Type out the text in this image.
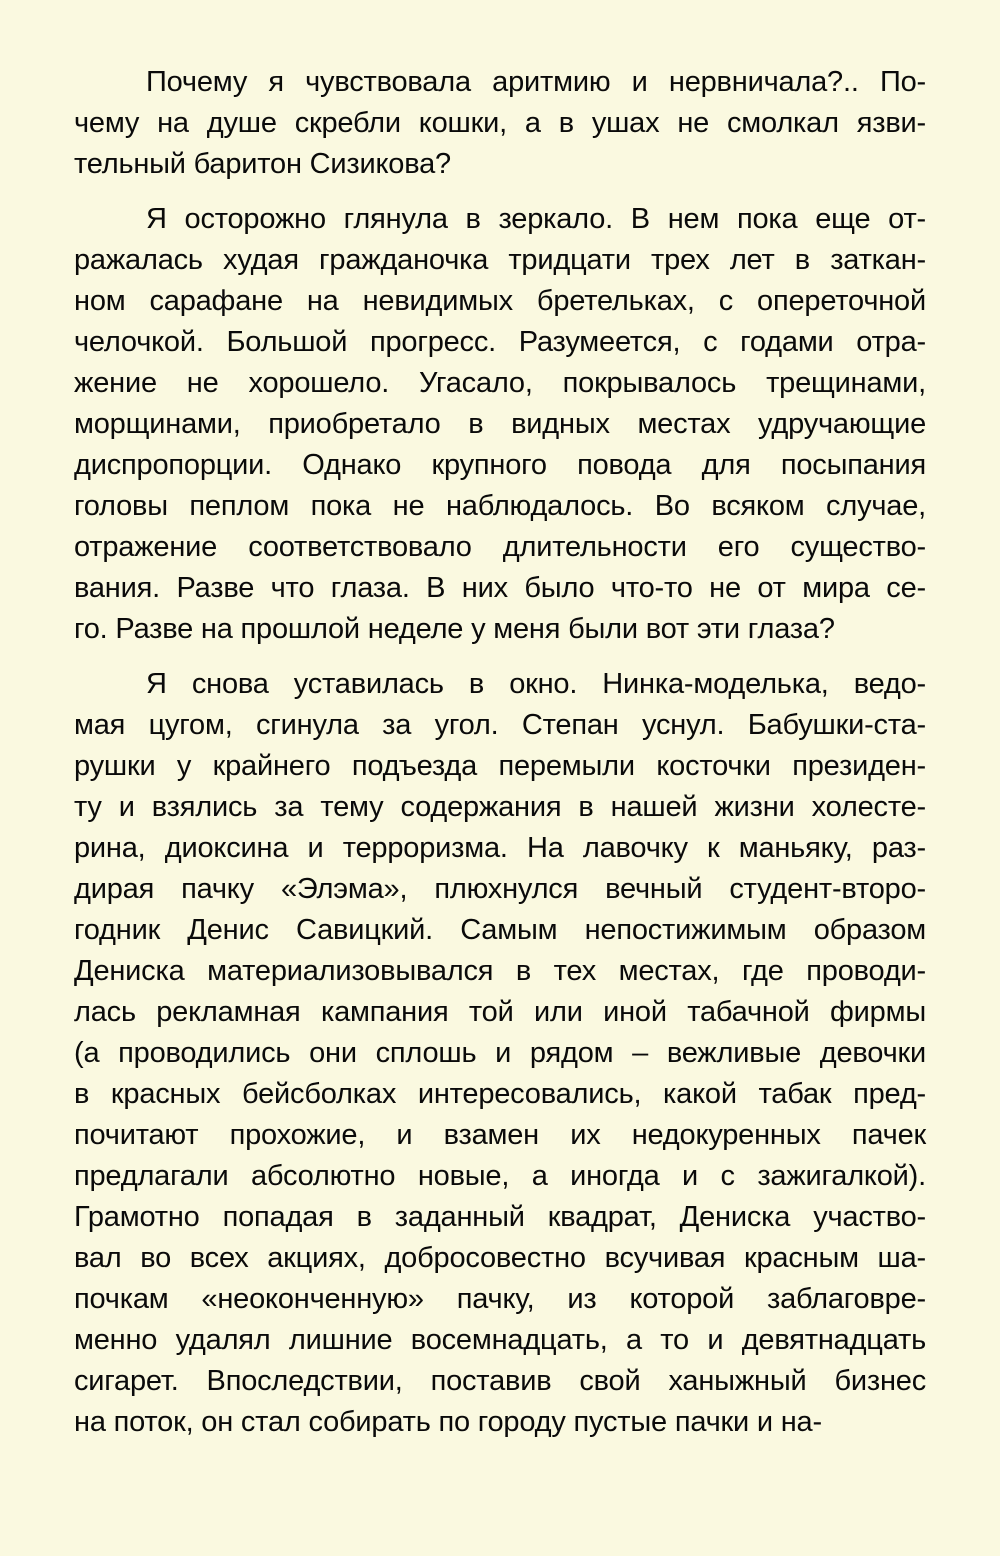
Почему я чувствовала аритмию и нервничала?.. По-
чему на душе скребли кошки, а в ушах не смолкал язви-
тельный баритон Сизикова?
Я осторожно глянула в зеркало. В нем пока еще от-
ражалась худая гражданочка тридцати трех лет в заткан-
ном сарафане на невидимых бретельках, с опереточной
челочкой. Большой прогресс. Разумеется, с годами отра-
жение не хорошело. Угасало, покрывалось трещинами,
морщинами, приобретало в видных местах удручающие
диспропорции. Однако крупного повода для посыпания
головы пеплом пока не наблюдалось. Во всяком случае,
отражение соответствовало длительности его существо-
вания. Разве что глаза. В них было что-то не от мира се-
го. Разве на прошлой неделе у меня были вот эти глаза?
Я снова уставилась в окно. Нинка-моделька, ведо-
мая цугом, сгинула за угол. Степан уснул. Бабушки-ста-
рушки у крайнего подъезда перемыли косточки президен-
ту и взялись за тему содержания в нашей жизни холесте-
рина, диоксина и терроризма. На лавочку к маньяку, раз-
дирая пачку «Элэма», плюхнулся вечный студент-второ-
годник Денис Савицкий. Самым непостижимым образом
Дениска материализовывался в тех местах, где проводи-
лась рекламная кампания той или иной табачной фирмы
(а проводились они сплошь и рядом – вежливые девочки
в красных бейсболках интересовались, какой табак пред-
почитают прохожие, и взамен их недокуренных пачек
предлагали абсолютно новые, а иногда и с зажигалкой).
Грамотно попадая в заданный квадрат, Дениска участво-
вал во всех акциях, добросовестно всучивая красным ша-
почкам «неоконченную» пачку, из которой заблаговре-
менно удалял лишние восемнадцать, а то и девятнадцать
сигарет. Впоследствии, поставив свой ханыжный бизнес
на поток, он стал собирать по городу пустые пачки и на-
